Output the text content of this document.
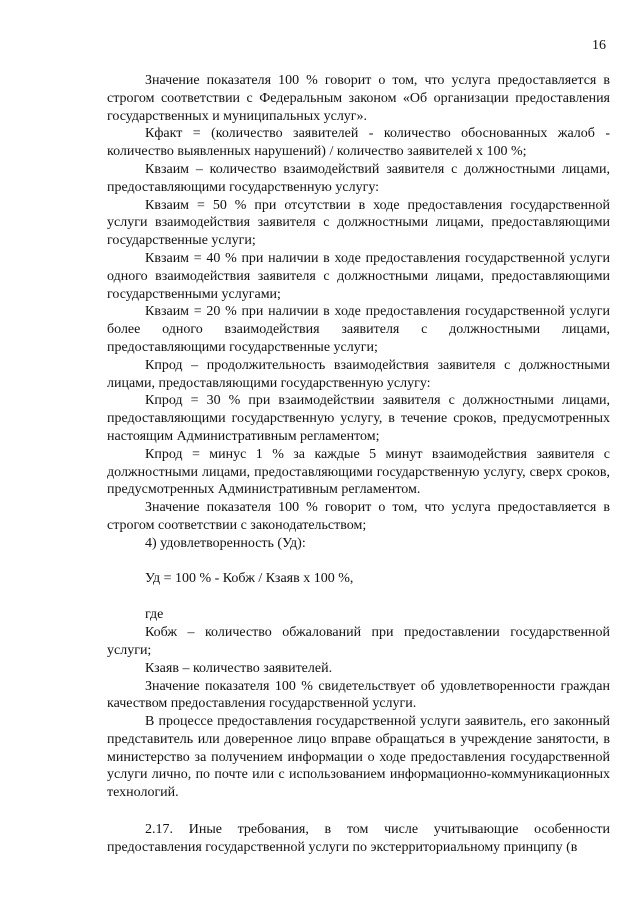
16

Значение показателя 100 % говорит о том, что услуга предоставляется в строгом соответствии с Федеральным законом «Об организации предоставления государственных и муниципальных услуг».

Кфакт = (количество заявителей - количество обоснованных жалоб - количество выявленных нарушений) / количество заявителей х 100 %;

Квзаим – количество взаимодействий заявителя с должностными лицами, предоставляющими государственную услугу:

Квзаим = 50 % при отсутствии в ходе предоставления государственной услуги взаимодействия заявителя с должностными лицами, предоставляющими государственные услуги;

Квзаим = 40 % при наличии в ходе предоставления государственной услуги одного взаимодействия заявителя с должностными лицами, предоставляющими государственными услугами;

Квзаим = 20 % при наличии в ходе предоставления государственной услуги более одного взаимодействия заявителя с должностными лицами, предоставляющими государственные услуги;

Кпрод – продолжительность взаимодействия заявителя с должностными лицами, предоставляющими государственную услугу:

Кпрод = 30 % при взаимодействии заявителя с должностными лицами, предоставляющими государственную услугу, в течение сроков, предусмотренных настоящим Административным регламентом;

Кпрод = минус 1 % за каждые 5 минут взаимодействия заявителя с должностными лицами, предоставляющими государственную услугу, сверх сроков, предусмотренных Административным регламентом.

Значение показателя 100 % говорит о том, что услуга предоставляется в строгом соответствии с законодательством;

4) удовлетворенность (Уд):

Уд = 100 % - Кобж / Кзаяв х 100 %,

где

Кобж – количество обжалований при предоставлении государственной услуги;

Кзаяв – количество заявителей.

Значение показателя 100 % свидетельствует об удовлетворенности граждан качеством предоставления государственной услуги.

В процессе предоставления государственной услуги заявитель, его законный представитель или доверенное лицо вправе обращаться в учреждение занятости, в министерство за получением информации о ходе предоставления государственной услуги лично, по почте или с использованием информационно-коммуникационных технологий.

2.17. Иные требования, в том числе учитывающие особенности предоставления государственной услуги по экстерриториальному принципу (в
